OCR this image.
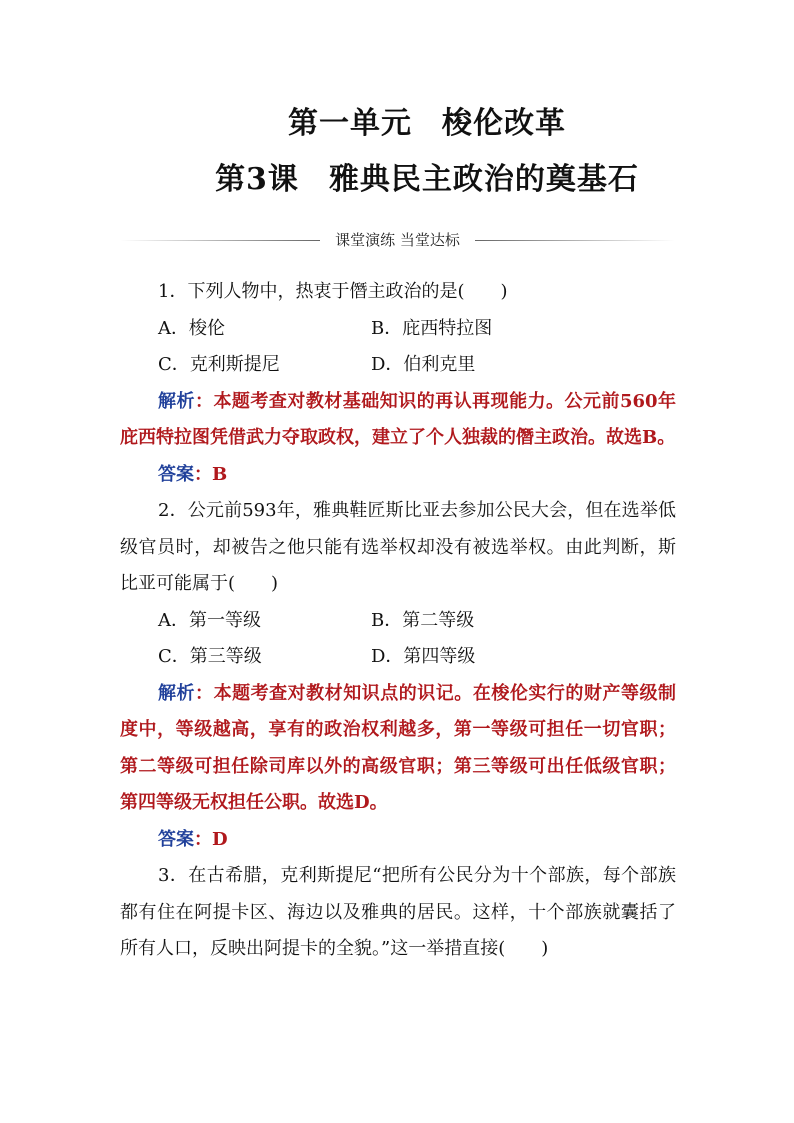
第一单元 梭伦改革
第3课 雅典民主政治的奠基石
课堂演练 当堂达标
1．下列人物中，热衷于僭主政治的是(　　)
A．梭伦	B．庇西特拉图
C．克利斯提尼	D．伯利克里
解析：本题考查对教材基础知识的再认再现能力。公元前560年庇西特拉图凭借武力夺取政权，建立了个人独裁的僭主政治。故选B。
答案：B
2．公元前593年，雅典鞋匠斯比亚去参加公民大会，但在选举低级官员时，却被告之他只能有选举权却没有被选举权。由此判断，斯比亚可能属于(　　)
A．第一等级	B．第二等级
C．第三等级	D．第四等级
解析：本题考查对教材知识点的识记。在梭伦实行的财产等级制度中，等级越高，享有的政治权利越多，第一等级可担任一切官职；第二等级可担任除司库以外的高级官职；第三等级可出任低级官职；第四等级无权担任公职。故选D。
答案：D
3．在古希腊，克利斯提尼“把所有公民分为十个部族，每个部族都有住在阿提卡区、海边以及雅典的居民。这样，十个部族就囊括了所有人口，反映出阿提卡的全貌。”这一举措直接(　　)
